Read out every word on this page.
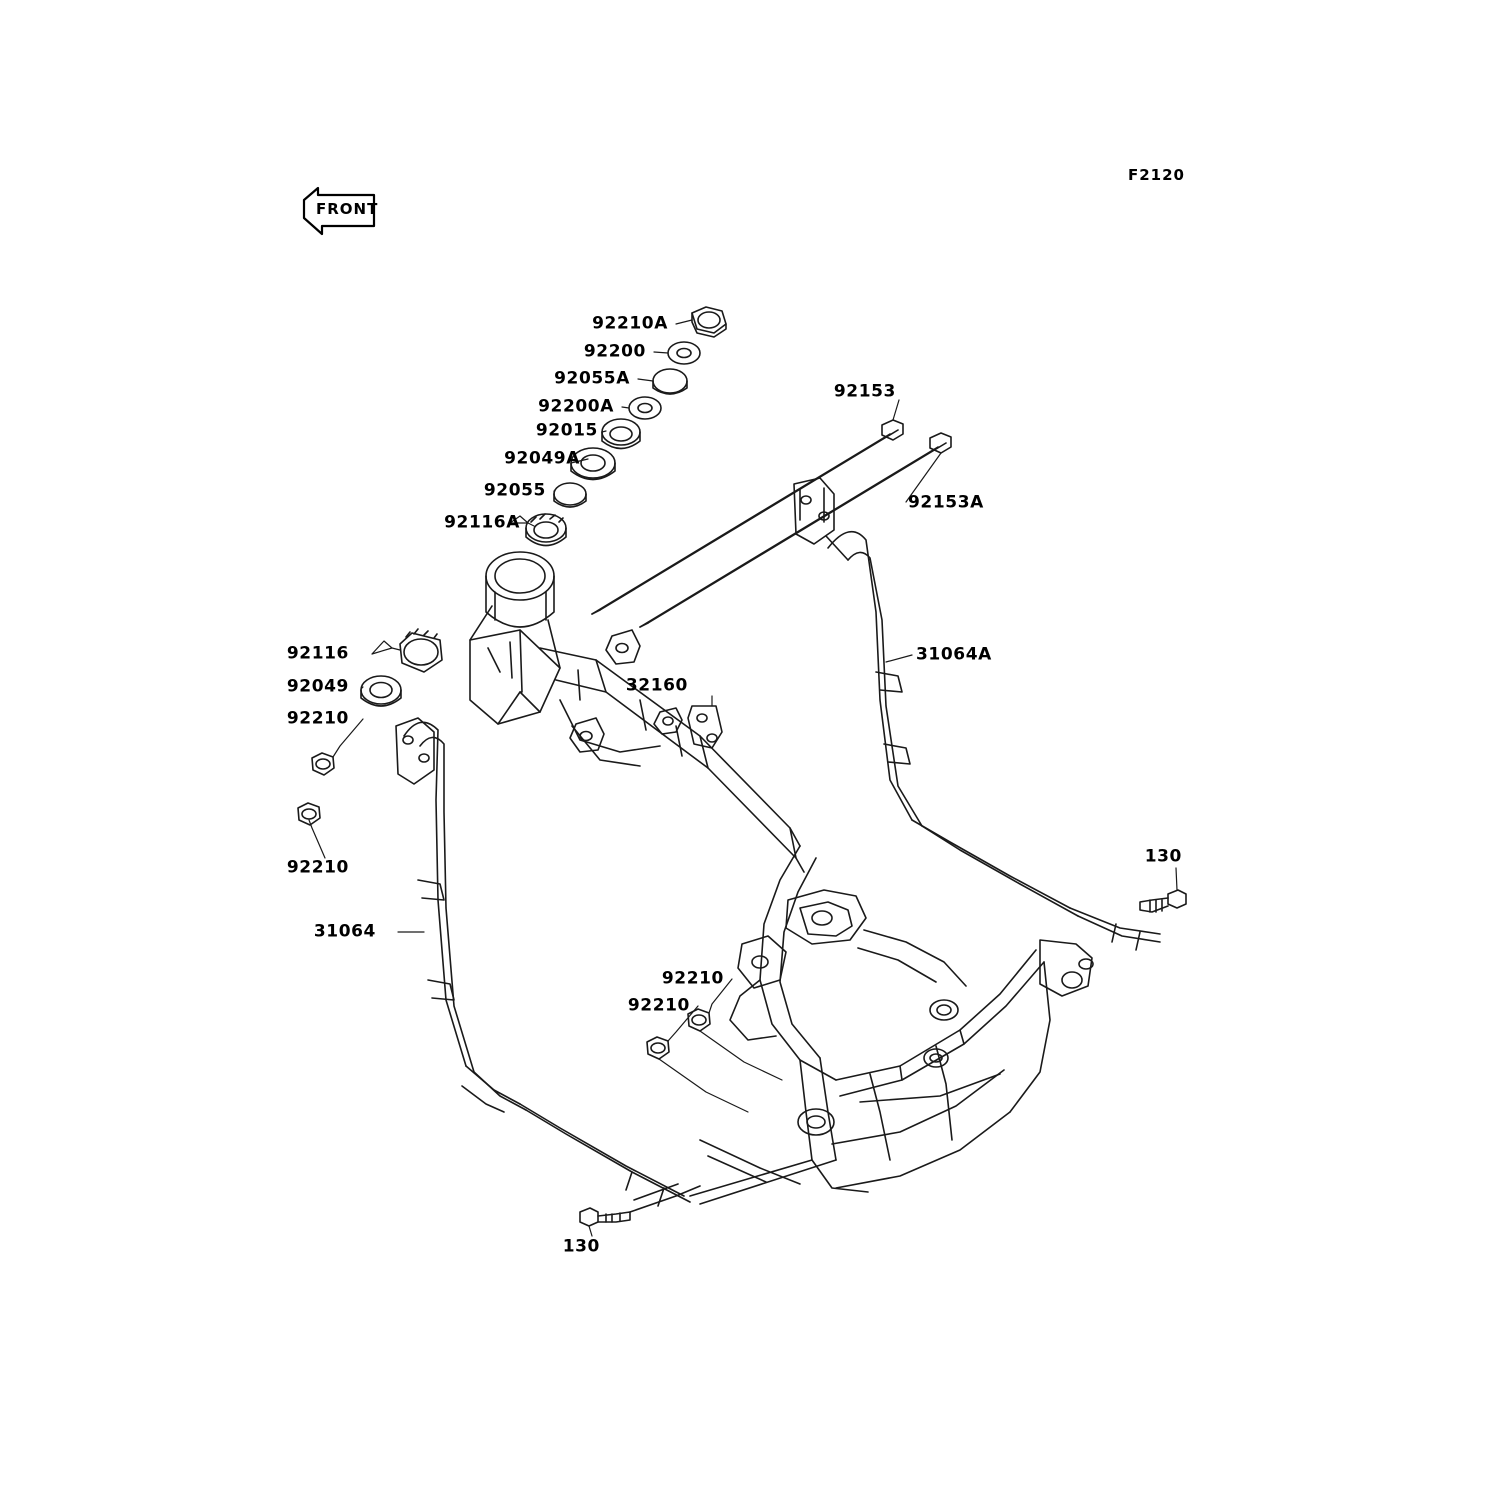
F2120
FRONT
92210A
92200
92055A
92200A
92015
92049A
92055
92116A
92153
92153A
31064A
32160
92116
92049
92210
92210
31064
130
92210
92210
130
